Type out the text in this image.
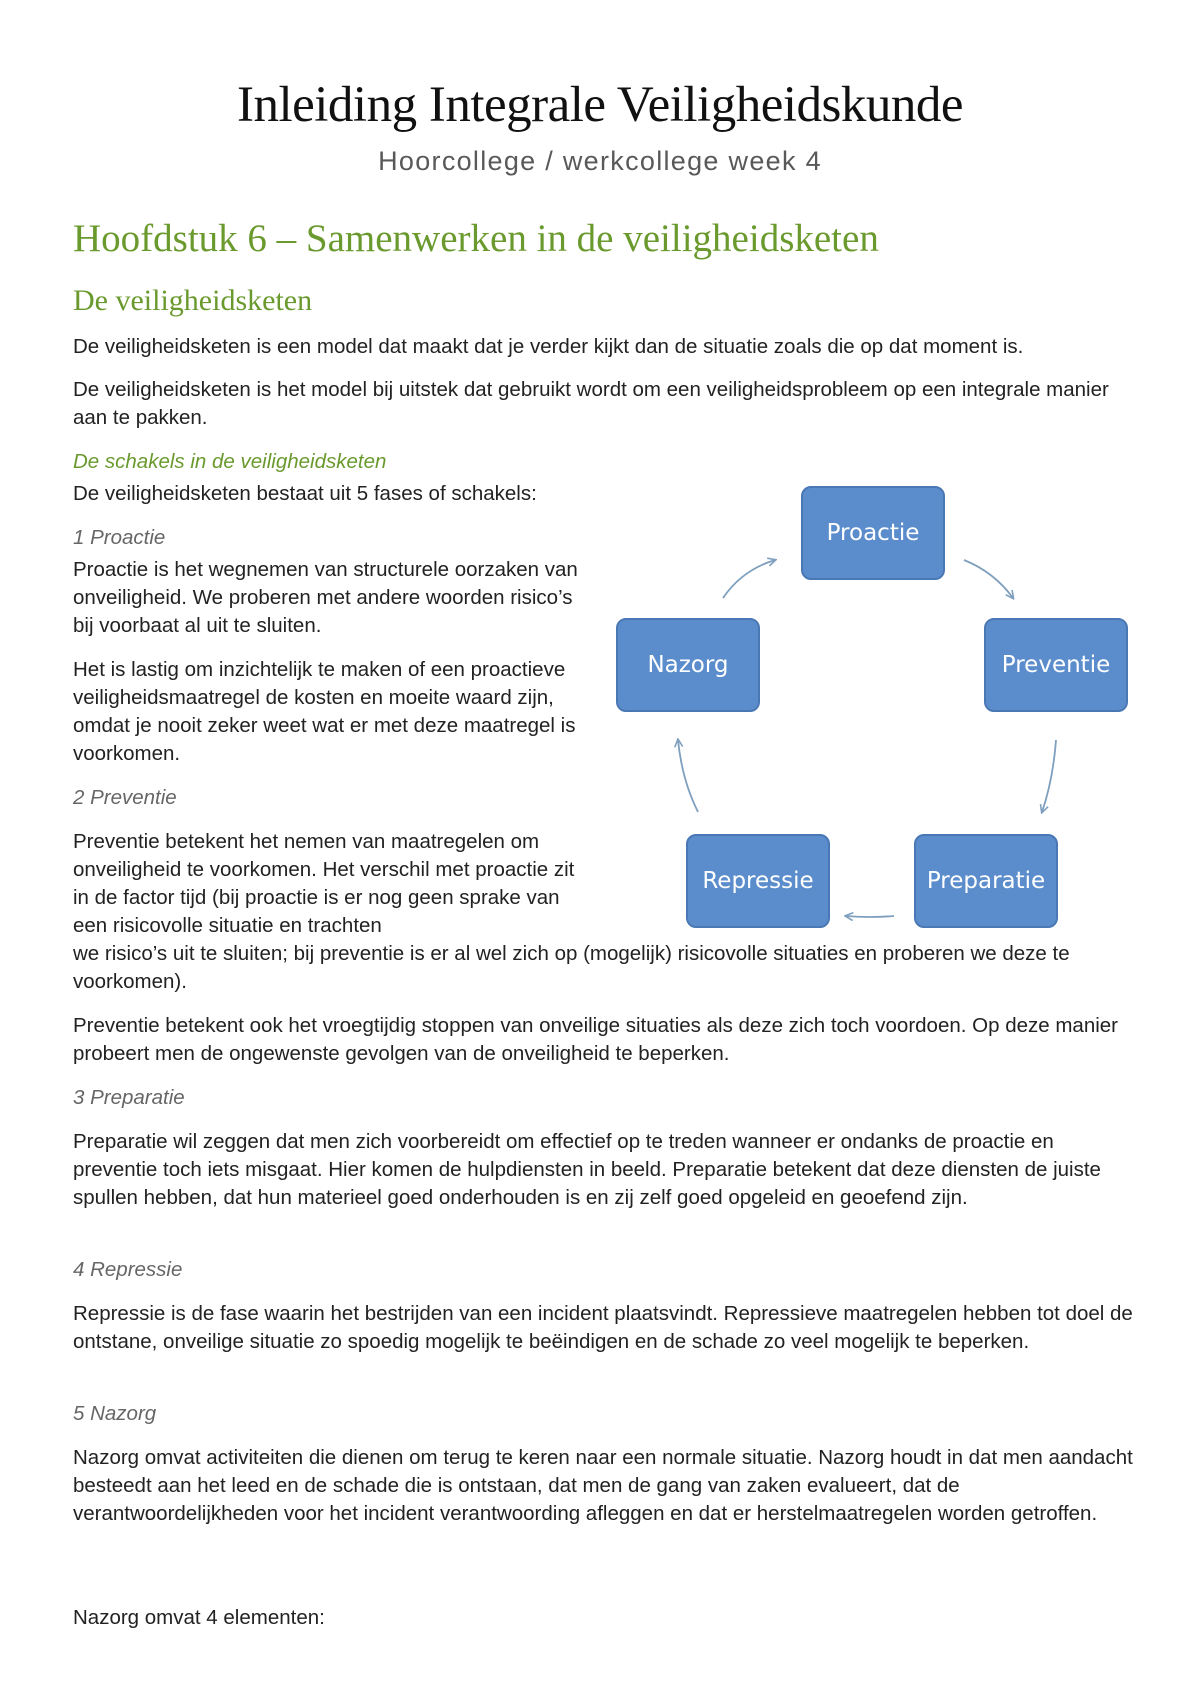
Inleiding Integrale Veiligheidskunde

Hoorcollege / werkcollege week 4

Hoofdstuk 6 – Samenwerken in de veiligheidsketen
De veiligheidsketen

De veiligheidsketen is een model dat maakt dat je verder kijkt dan de situatie zoals die op dat moment is.

De veiligheidsketen is het model bij uitstek dat gebruikt wordt om een veiligheidsprobleem op een integrale manier aan te pakken.

De schakels in de veiligheidsketen

De veiligheidsketen bestaat uit 5 fases of schakels:

1 Proactie

Proactie is het wegnemen van structurele oorzaken van onveiligheid. We proberen met andere woorden risico’s bij voorbaat al uit te sluiten.

Het is lastig om inzichtelijk te maken of een proactieve veiligheidsmaatregel de kosten en moeite waard zijn, omdat je nooit zeker weet wat er met deze maatregel is voorkomen.

2 Preventie

Preventie betekent het nemen van maatregelen om onveiligheid te voorkomen. Het verschil met proactie zit in de factor tijd (bij proactie is er nog geen sprake van een risicovolle situatie en trachten

we risico’s uit te sluiten; bij preventie is er al wel zich op (mogelijk) risicovolle situaties en proberen we deze te voorkomen).

Preventie betekent ook het vroegtijdig stoppen van onveilige situaties als deze zich toch voordoen. Op deze manier probeert men de ongewenste gevolgen van de onveiligheid te beperken.

3 Preparatie

Preparatie wil zeggen dat men zich voorbereidt om effectief op te treden wanneer er ondanks de proactie en preventie toch iets misgaat. Hier komen de hulpdiensten in beeld. Preparatie betekent dat deze diensten de juiste spullen hebben, dat hun materieel goed onderhouden is en zij zelf goed opgeleid en geoefend zijn.

4 Repressie

Repressie is de fase waarin het bestrijden van een incident plaatsvindt. Repressieve maatregelen hebben tot doel de ontstane, onveilige situatie zo spoedig mogelijk te beëindigen en de schade zo veel mogelijk te beperken.

5 Nazorg

Nazorg omvat activiteiten die dienen om terug te keren naar een normale situatie. Nazorg houdt in dat men aandacht besteedt aan het leed en de schade die is ontstaan, dat men de gang van zaken evalueert, dat de verantwoordelijkheden voor het incident verantwoording afleggen en dat er herstelmaatregelen worden getroffen.

Nazorg omvat 4 elementen:

Proactie
Preventie
Preparatie
Repressie
Nazorg
